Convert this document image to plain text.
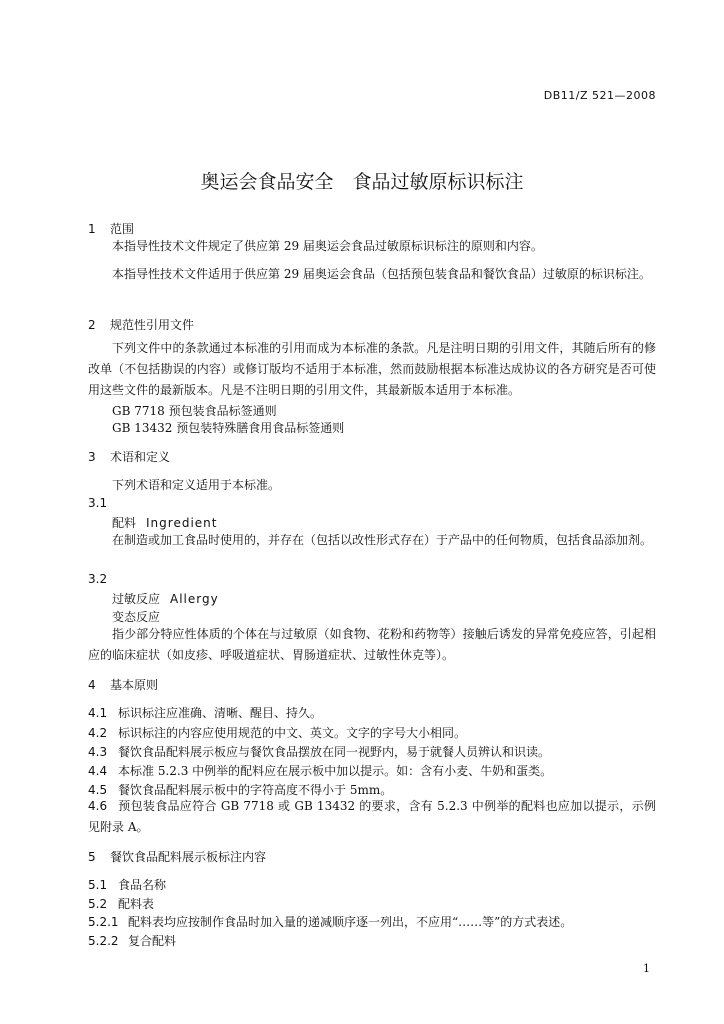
DB11/Z 521—2008
奥运会食品安全　食品过敏原标识标注
1 范围
本指导性技术文件规定了供应第 29 届奥运会食品过敏原标识标注的原则和内容。
本指导性技术文件适用于供应第 29 届奥运会食品（包括预包装食品和餐饮食品）过敏原的标识标注。
2 规范性引用文件
下列文件中的条款通过本标准的引用而成为本标准的条款。凡是注明日期的引用文件，其随后所有的修改单（不包括勘误的内容）或修订版均不适用于本标准，然而鼓励根据本标准达成协议的各方研究是否可使用这些文件的最新版本。凡是不注明日期的引用文件，其最新版本适用于本标准。
GB 7718 预包装食品标签通则
GB 13432 预包装特殊膳食用食品标签通则
3 术语和定义
下列术语和定义适用于本标准。
3.1
配料 Ingredient
在制造或加工食品时使用的，并存在（包括以改性形式存在）于产品中的任何物质，包括食品添加剂。
3.2
过敏反应 Allergy
变态反应
指少部分特应性体质的个体在与过敏原（如食物、花粉和药物等）接触后诱发的异常免疫应答，引起相应的临床症状（如皮疹、呼吸道症状、胃肠道症状、过敏性休克等）。
4 基本原则
4.1 标识标注应准确、清晰、醒目、持久。
4.2 标识标注的内容应使用规范的中文、英文。文字的字号大小相同。
4.3 餐饮食品配料展示板应与餐饮食品摆放在同一视野内，易于就餐人员辨认和识读。
4.4 本标准 5.2.3 中例举的配料应在展示板中加以提示。如：含有小麦、牛奶和蛋类。
4.5 餐饮食品配料展示板中的字符高度不得小于 5mm。
4.6 预包装食品应符合 GB 7718 或 GB 13432 的要求，含有 5.2.3 中例举的配料也应加以提示，示例见附录 A。
5 餐饮食品配料展示板标注内容
5.1 食品名称
5.2 配料表
5.2.1 配料表均应按制作食品时加入量的递减顺序逐一列出，不应用“……等”的方式表述。
5.2.2 复合配料
1
